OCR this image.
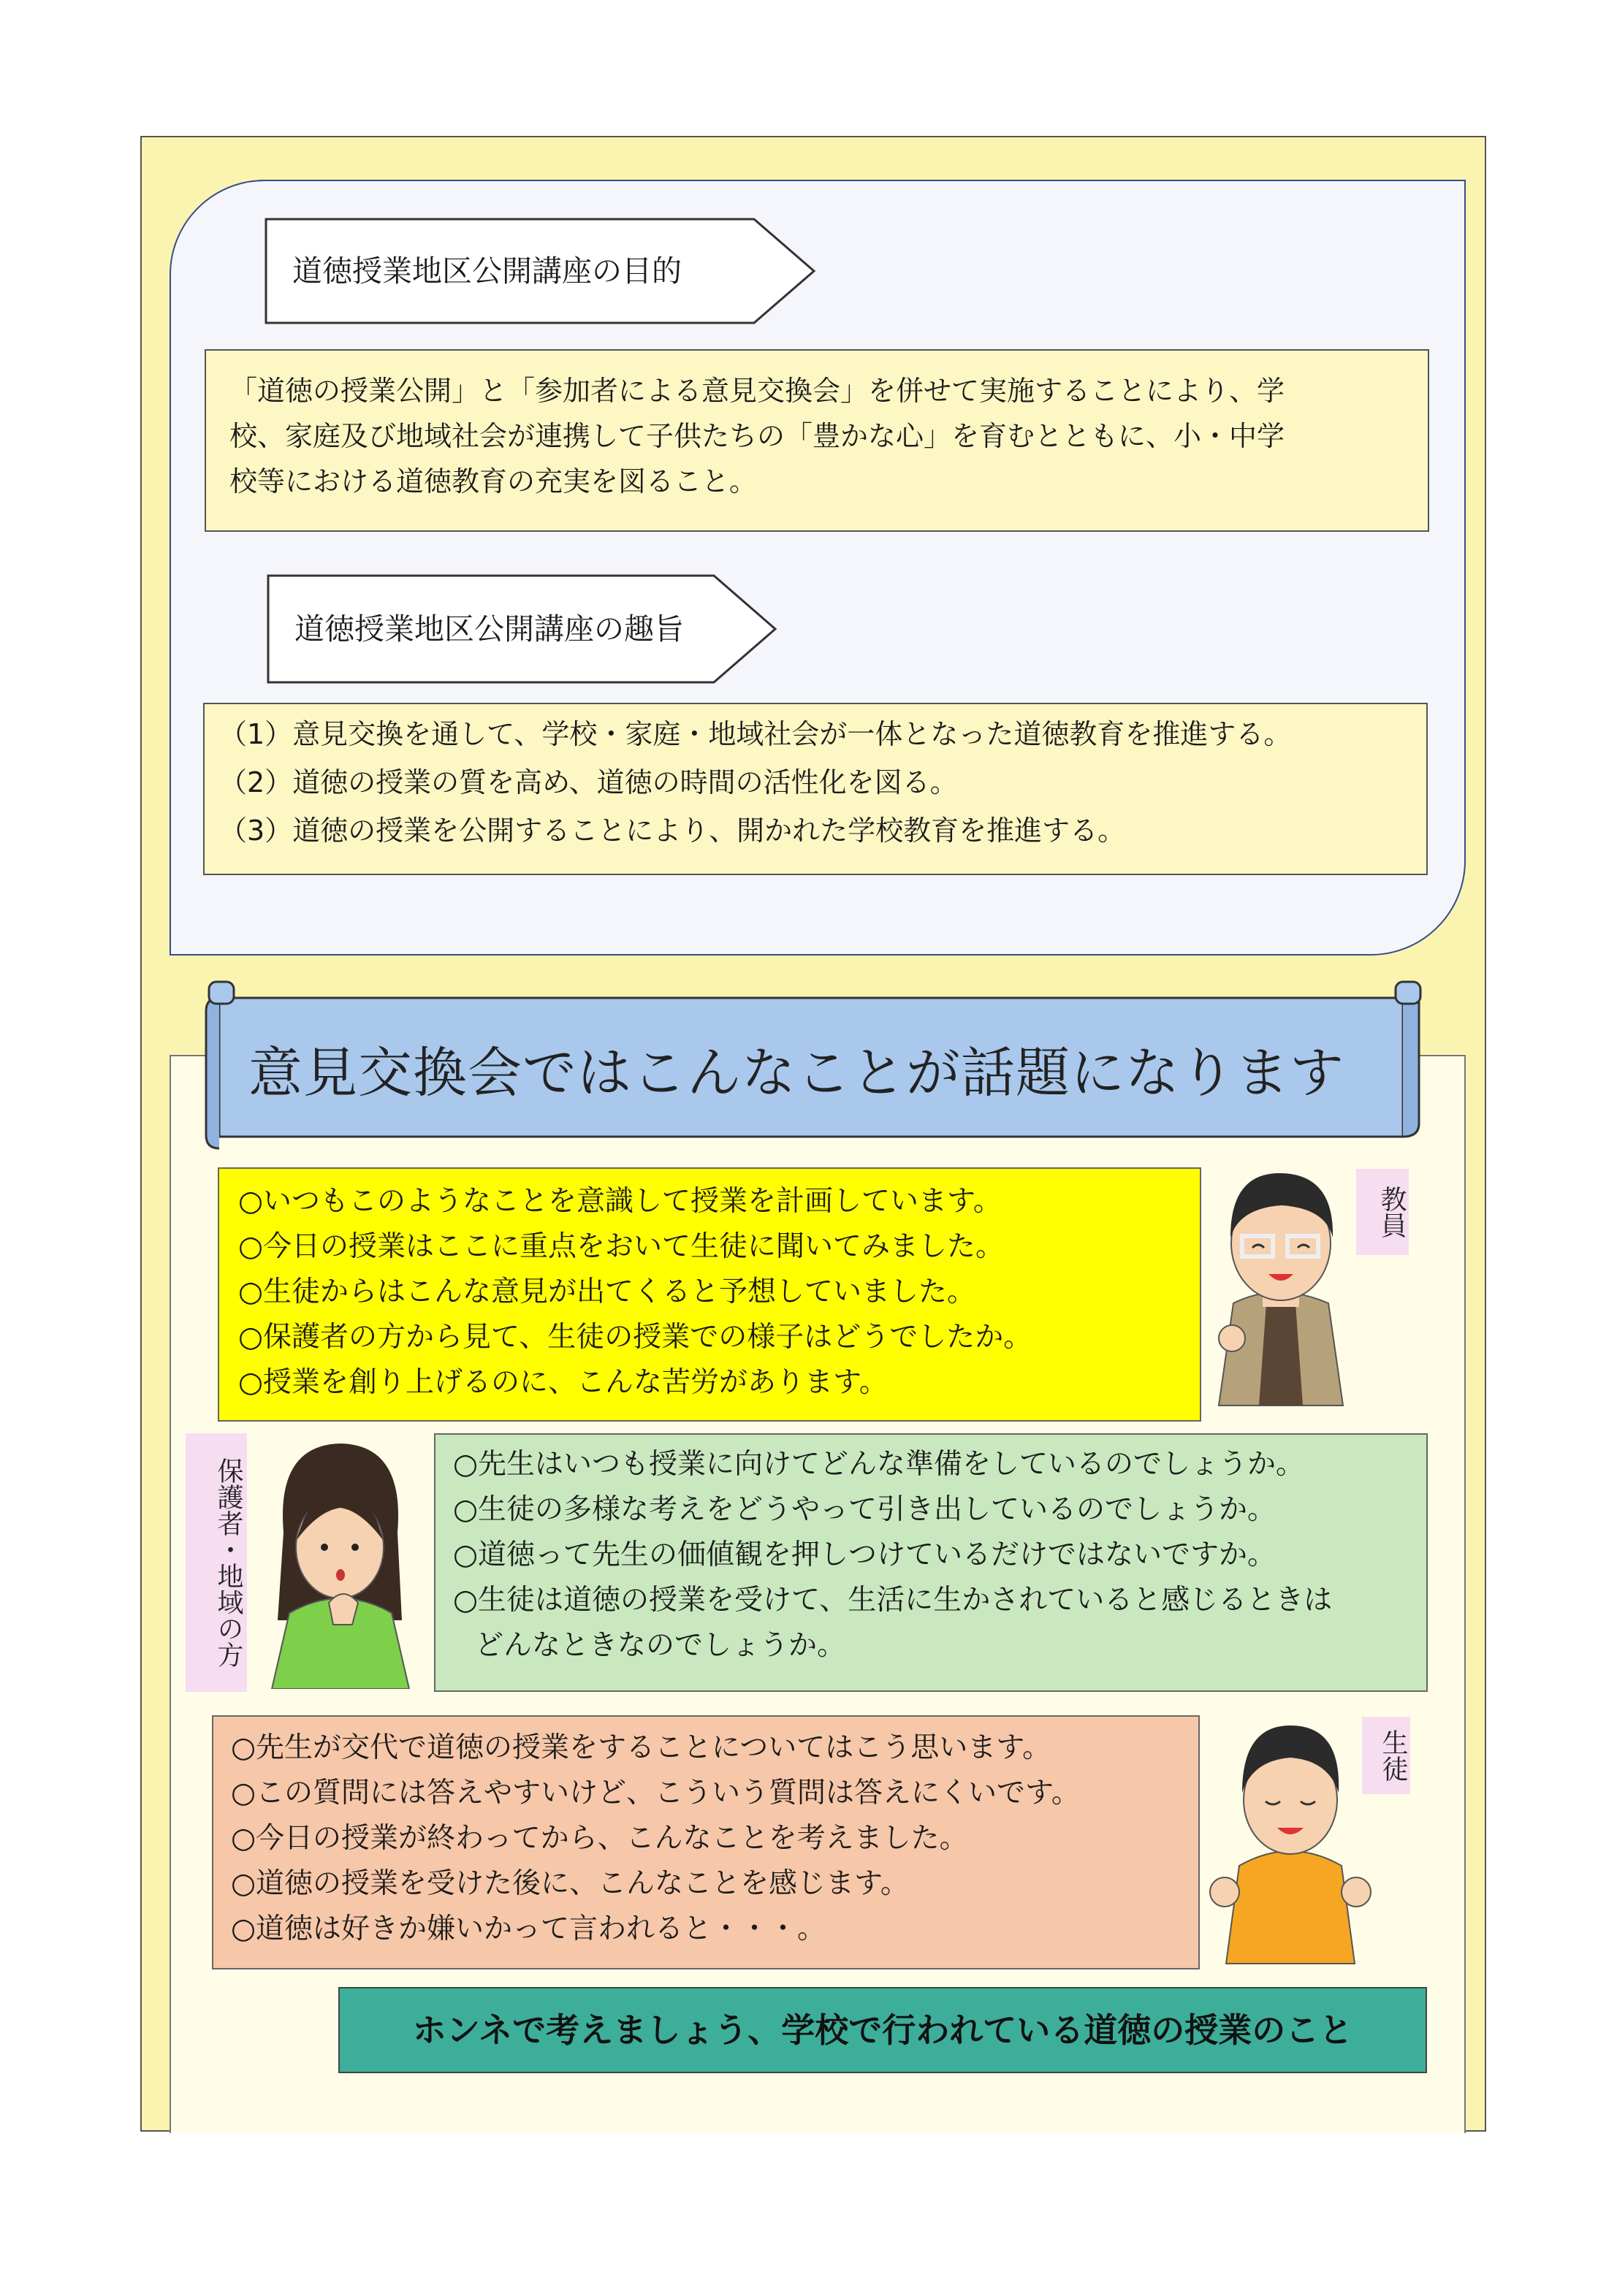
道徳授業地区公開講座の目的
「道徳の授業公開」と「参加者による意見交換会」を併せて実施することにより、学
校、家庭及び地域社会が連携して子供たちの「豊かな心」を育むとともに、小・中学
校等における道徳教育の充実を図ること。
道徳授業地区公開講座の趣旨
（1）意見交換を通して、学校・家庭・地域社会が一体となった道徳教育を推進する。
（2）道徳の授業の質を高め、道徳の時間の活性化を図る。
（3）道徳の授業を公開することにより、開かれた学校教育を推進する。
意見交換会ではこんなことが話題になります
○いつもこのようなことを意識して授業を計画しています。
○今日の授業はここに重点をおいて生徒に聞いてみました。
○生徒からはこんな意見が出てくると予想していました。
○保護者の方から見て、生徒の授業での様子はどうでしたか。
○授業を創り上げるのに、こんな苦労があります。
教員
保護者・地域の方	○先生はいつも授業に向けてどんな準備をしているのでしょうか。
○生徒の多様な考えをどうやって引き出しているのでしょうか。
○道徳って先生の価値観を押しつけているだけではないですか。
○生徒は道徳の授業を受けて、生活に生かされていると感じるときは
どんなときなのでしょうか。
○先生が交代で道徳の授業をすることについてはこう思います。
○この質問には答えやすいけど、こういう質問は答えにくいです。
○今日の授業が終わってから、こんなことを考えました。
○道徳の授業を受けた後に、こんなことを感じます。
○道徳は好きか嫌いかって言われると・・・。
生徒
ホンネで考えましょう、学校で行われている道徳の授業のこと
